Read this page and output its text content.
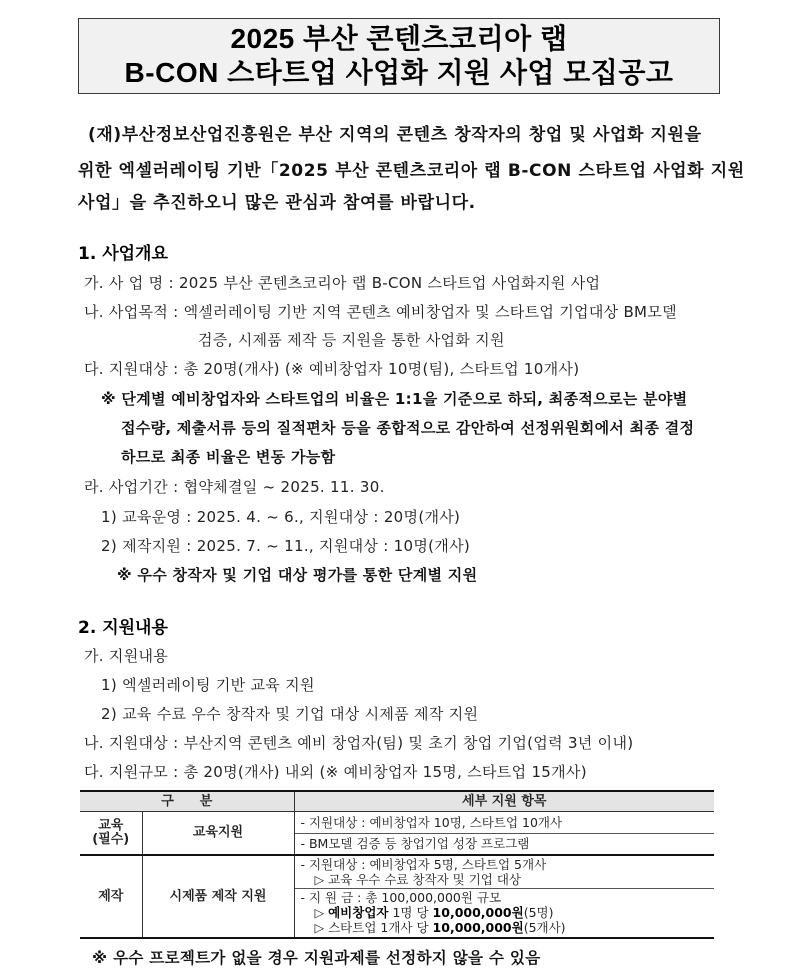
2025 부산 콘텐츠코리아 랩
B-CON 스타트업 사업화 지원 사업 모집공고
(재)부산정보산업진흥원은 부산 지역의 콘텐츠 창작자의 창업 및 사업화 지원을
위한 엑셀러레이팅 기반「2025 부산 콘텐츠코리아 랩 B-CON 스타트업 사업화 지원
사업」을 추진하오니 많은 관심과 참여를 바랍니다.
1. 사업개요
가. 사 업 명 : 2025 부산 콘텐츠코리아 랩 B-CON 스타트업 사업화지원 사업
나. 사업목적 : 엑셀러레이팅 기반 지역 콘텐츠 예비창업자 및 스타트업 기업대상 BM모델
검증, 시제품 제작 등 지원을 통한 사업화 지원
다. 지원대상 : 총 20명(개사) (※ 예비창업자 10명(팀), 스타트업 10개사)
※ 단계별 예비창업자와 스타트업의 비율은 1:1을 기준으로 하되, 최종적으로는 분야별
접수량, 제출서류 등의 질적편차 등을 종합적으로 감안하여 선정위원회에서 최종 결정
하므로 최종 비율은 변동 가능함
라. 사업기간 : 협약체결일 ~ 2025. 11. 30.
1) 교육운영 : 2025. 4. ~ 6., 지원대상 : 20명(개사)
2) 제작지원 : 2025. 7. ~ 11., 지원대상 : 10명(개사)
※ 우수 창작자 및 기업 대상 평가를 통한 단계별 지원
2. 지원내용
가. 지원내용
1) 엑셀러레이팅 기반 교육 지원
2) 교육 수료 우수 창작자 및 기업 대상 시제품 제작 지원
나. 지원대상 : 부산지역 콘텐츠 예비 창업자(팀) 및 초기 창업 기업(업력 3년 이내)
다. 지원규모 : 총 20명(개사) 내외 (※ 예비창업자 15명, 스타트업 15개사)
구　　분		세부 지원 항목

교육
(필수)	교육지원	- 지원대상 : 예비창업자 10명, 스타트업 10개사
		- BM모델 검증 등 창업기업 성장 프로그램
제작	시제품 제작 지원	- 지원대상 : 예비창업자 5명, 스타트업 5개사
▷ 교육 우수 수료 창작자 및 기업 대상

		- 지 원 금 : 총 100,000,000원 규모
▷ 예비창업자 1명 당 10,000,000원(5명)
▷ 스타트업 1개사 당 10,000,000원(5개사)
※ 우수 프로젝트가 없을 경우 지원과제를 선정하지 않을 수 있음
